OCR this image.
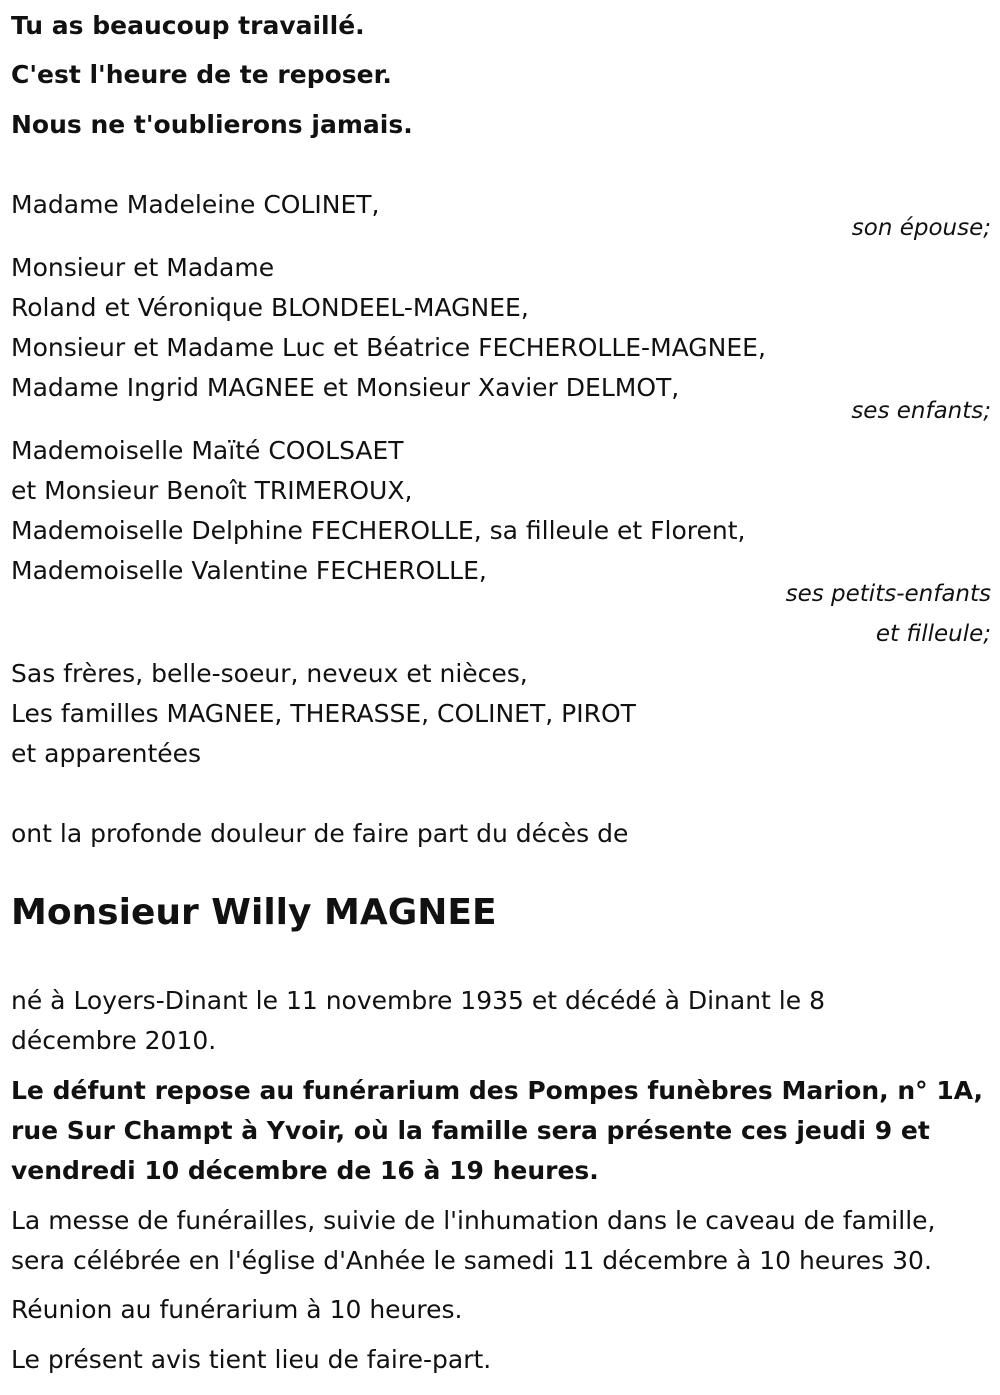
Tu as beaucoup travaillé.
C'est l'heure de te reposer.
Nous ne t'oublierons jamais.
Madame Madeleine COLINET,
son épouse;
Monsieur et Madame
Roland et Véronique BLONDEEL-MAGNEE,
Monsieur et Madame Luc et Béatrice FECHEROLLE-MAGNEE,
Madame Ingrid MAGNEE et Monsieur Xavier DELMOT,
ses enfants;
Mademoiselle Maïté COOLSAET
et Monsieur Benoît TRIMEROUX,
Mademoiselle Delphine FECHEROLLE, sa filleule et Florent,
Mademoiselle Valentine FECHEROLLE,
ses petits-enfants
et filleule;
Sas frères, belle-soeur, neveux et nièces,
Les familles MAGNEE, THERASSE, COLINET, PIROT
et apparentées
ont la profonde douleur de faire part du décès de
Monsieur Willy MAGNEE
né à Loyers-Dinant le 11 novembre 1935 et décédé à Dinant le 8 décembre 2010.
Le défunt repose au funérarium des Pompes funèbres Marion, n° 1A, rue Sur Champt à Yvoir, où la famille sera présente ces jeudi 9 et vendredi 10 décembre de 16 à 19 heures.
La messe de funérailles, suivie de l'inhumation dans le caveau de famille, sera célébrée en l'église d'Anhée le samedi 11 décembre à 10 heures 30.
Réunion au funérarium à 10 heures.
Le présent avis tient lieu de faire-part.
